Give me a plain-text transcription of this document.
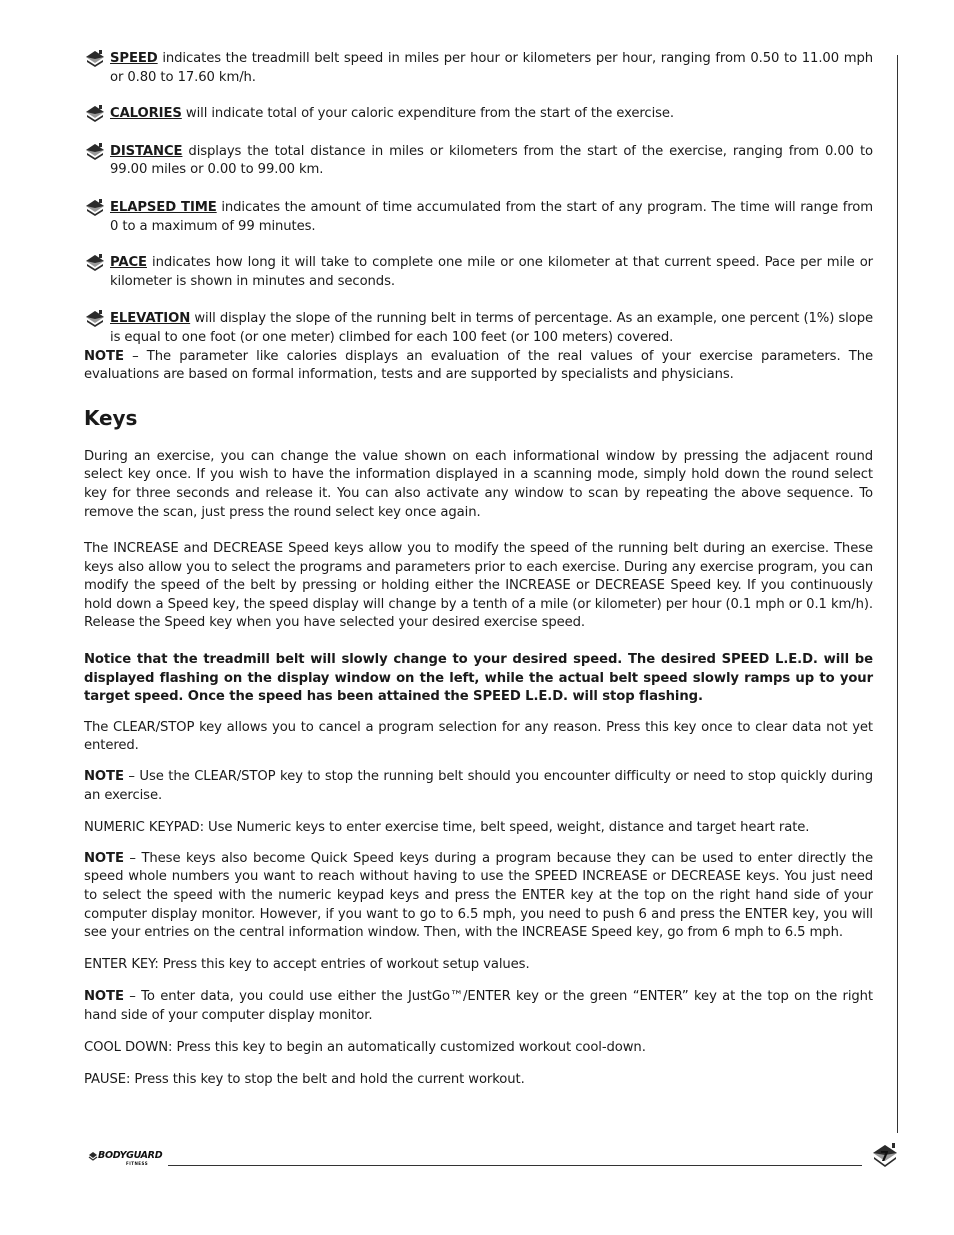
SPEED indicates the treadmill belt speed in miles per hour or kilometers per hour, ranging from 0.50 to 11.00 mph or 0.80 to 17.60 km/h.

CALORIES will indicate total of your caloric expenditure from the start of the exercise.

DISTANCE displays the total distance in miles or kilometers from the start of the exercise, ranging from 0.00 to 99.00 miles or 0.00 to 99.00 km.

ELAPSED TIME indicates the amount of time accumulated from the start of any program. The time will range from 0 to a maximum of 99 minutes.

PACE indicates how long it will take to complete one mile or one kilometer at that current speed. Pace per mile or kilometer is shown in minutes and seconds.

ELEVATION will display the slope of the running belt in terms of percentage. As an example, one percent (1%) slope is equal to one foot (or one meter) climbed for each 100 feet (or 100 meters) covered.

NOTE – The parameter like calories displays an evaluation of the real values of your exercise parameters. The evaluations are based on formal information, tests and are supported by specialists and physicians.

Keys

During an exercise, you can change the value shown on each informational window by pressing the adjacent round select key once. If you wish to have the information displayed in a scanning mode, simply hold down the round select key for three seconds and release it. You can also activate any window to scan by repeating the above sequence. To remove the scan, just press the round select key once again.

The INCREASE and DECREASE Speed keys allow you to modify the speed of the running belt during an exercise. These keys also allow you to select the programs and parameters prior to each exercise. During any exercise program, you can modify the speed of the belt by pressing or holding either the INCREASE or DECREASE Speed key. If you continuously hold down a Speed key, the speed display will change by a tenth of a mile (or kilometer) per hour (0.1 mph or 0.1 km/h). Release the Speed key when you have selected your desired exercise speed.

Notice that the treadmill belt will slowly change to your desired speed. The desired SPEED L.E.D. will be displayed flashing on the display window on the left, while the actual belt speed slowly ramps up to your target speed. Once the speed has been attained the SPEED L.E.D. will stop flashing.

The CLEAR/STOP key allows you to cancel a program selection for any reason. Press this key once to clear data not yet entered.

NOTE – Use the CLEAR/STOP key to stop the running belt should you encounter difficulty or need to stop quickly during an exercise.

NUMERIC KEYPAD: Use Numeric keys to enter exercise time, belt speed, weight, distance and target heart rate.

NOTE – These keys also become Quick Speed keys during a program because they can be used to enter directly the speed whole numbers you want to reach without having to use the SPEED INCREASE or DECREASE keys. You just need to select the speed with the numeric keypad keys and press the ENTER key at the top on the right hand side of your computer display monitor. However, if you want to go to 6.5 mph, you need to push 6 and press the ENTER key, you will see your entries on the central information window. Then, with the INCREASE Speed key, go from 6 mph to 6.5 mph.

ENTER KEY: Press this key to accept entries of workout setup values.

NOTE – To enter data, you could use either the JustGo™/ENTER key or the green “ENTER” key at the top on the right hand side of your computer display monitor.

COOL DOWN: Press this key to begin an automatically customized workout cool-down.

PAUSE: Press this key to stop the belt and hold the current workout.

BODYGUARD
FITNESS	7
